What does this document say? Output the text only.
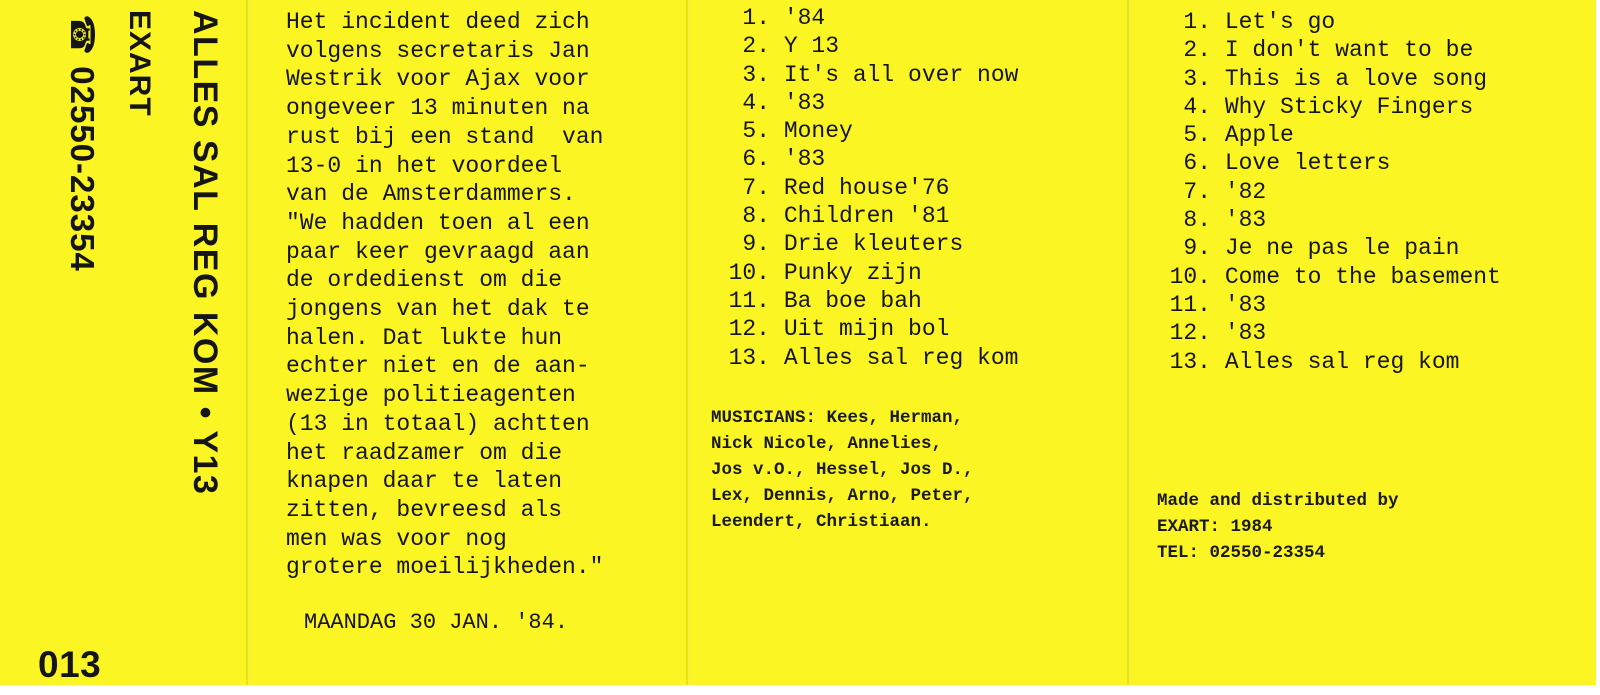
ALLES SAL REG KOM • Y13
EXART
☎ 02550-23354
013
Het incident deed zich
volgens secretaris Jan
Westrik voor Ajax voor
ongeveer 13 minuten na
rust bij een stand  van
13-0 in het voordeel
van de Amsterdammers.
"We hadden toen al een
paar keer gevraagd aan
de ordedienst om die
jongens van het dak te
halen. Dat lukte hun
echter niet en de aan-
wezige politieagenten
(13 in totaal) achtten
het raadzamer om die
knapen daar te laten
zitten, bevreesd als
men was voor nog
grotere moeilijkheden."
MAANDAG 30 JAN. '84.
1. '84
2. Y 13
3. It's all over now
4. '83
5. Money
6. '83
7. Red house'76
8. Children '81
9. Drie kleuters
10. Punky zijn
11. Ba boe bah
12. Uit mijn bol
13. Alles sal reg kom
MUSICIANS: Kees, Herman,
Nick Nicole, Annelies,
Jos v.O., Hessel, Jos D.,
Lex, Dennis, Arno, Peter,
Leendert, Christiaan.
1. Let's go
2. I don't want to be
3. This is a love song
4. Why Sticky Fingers
5. Apple
6. Love letters
7. '82
8. '83
9. Je ne pas le pain
10. Come to the basement
11. '83
12. '83
13. Alles sal reg kom
Made and distributed by
EXART: 1984
TEL: 02550-23354
